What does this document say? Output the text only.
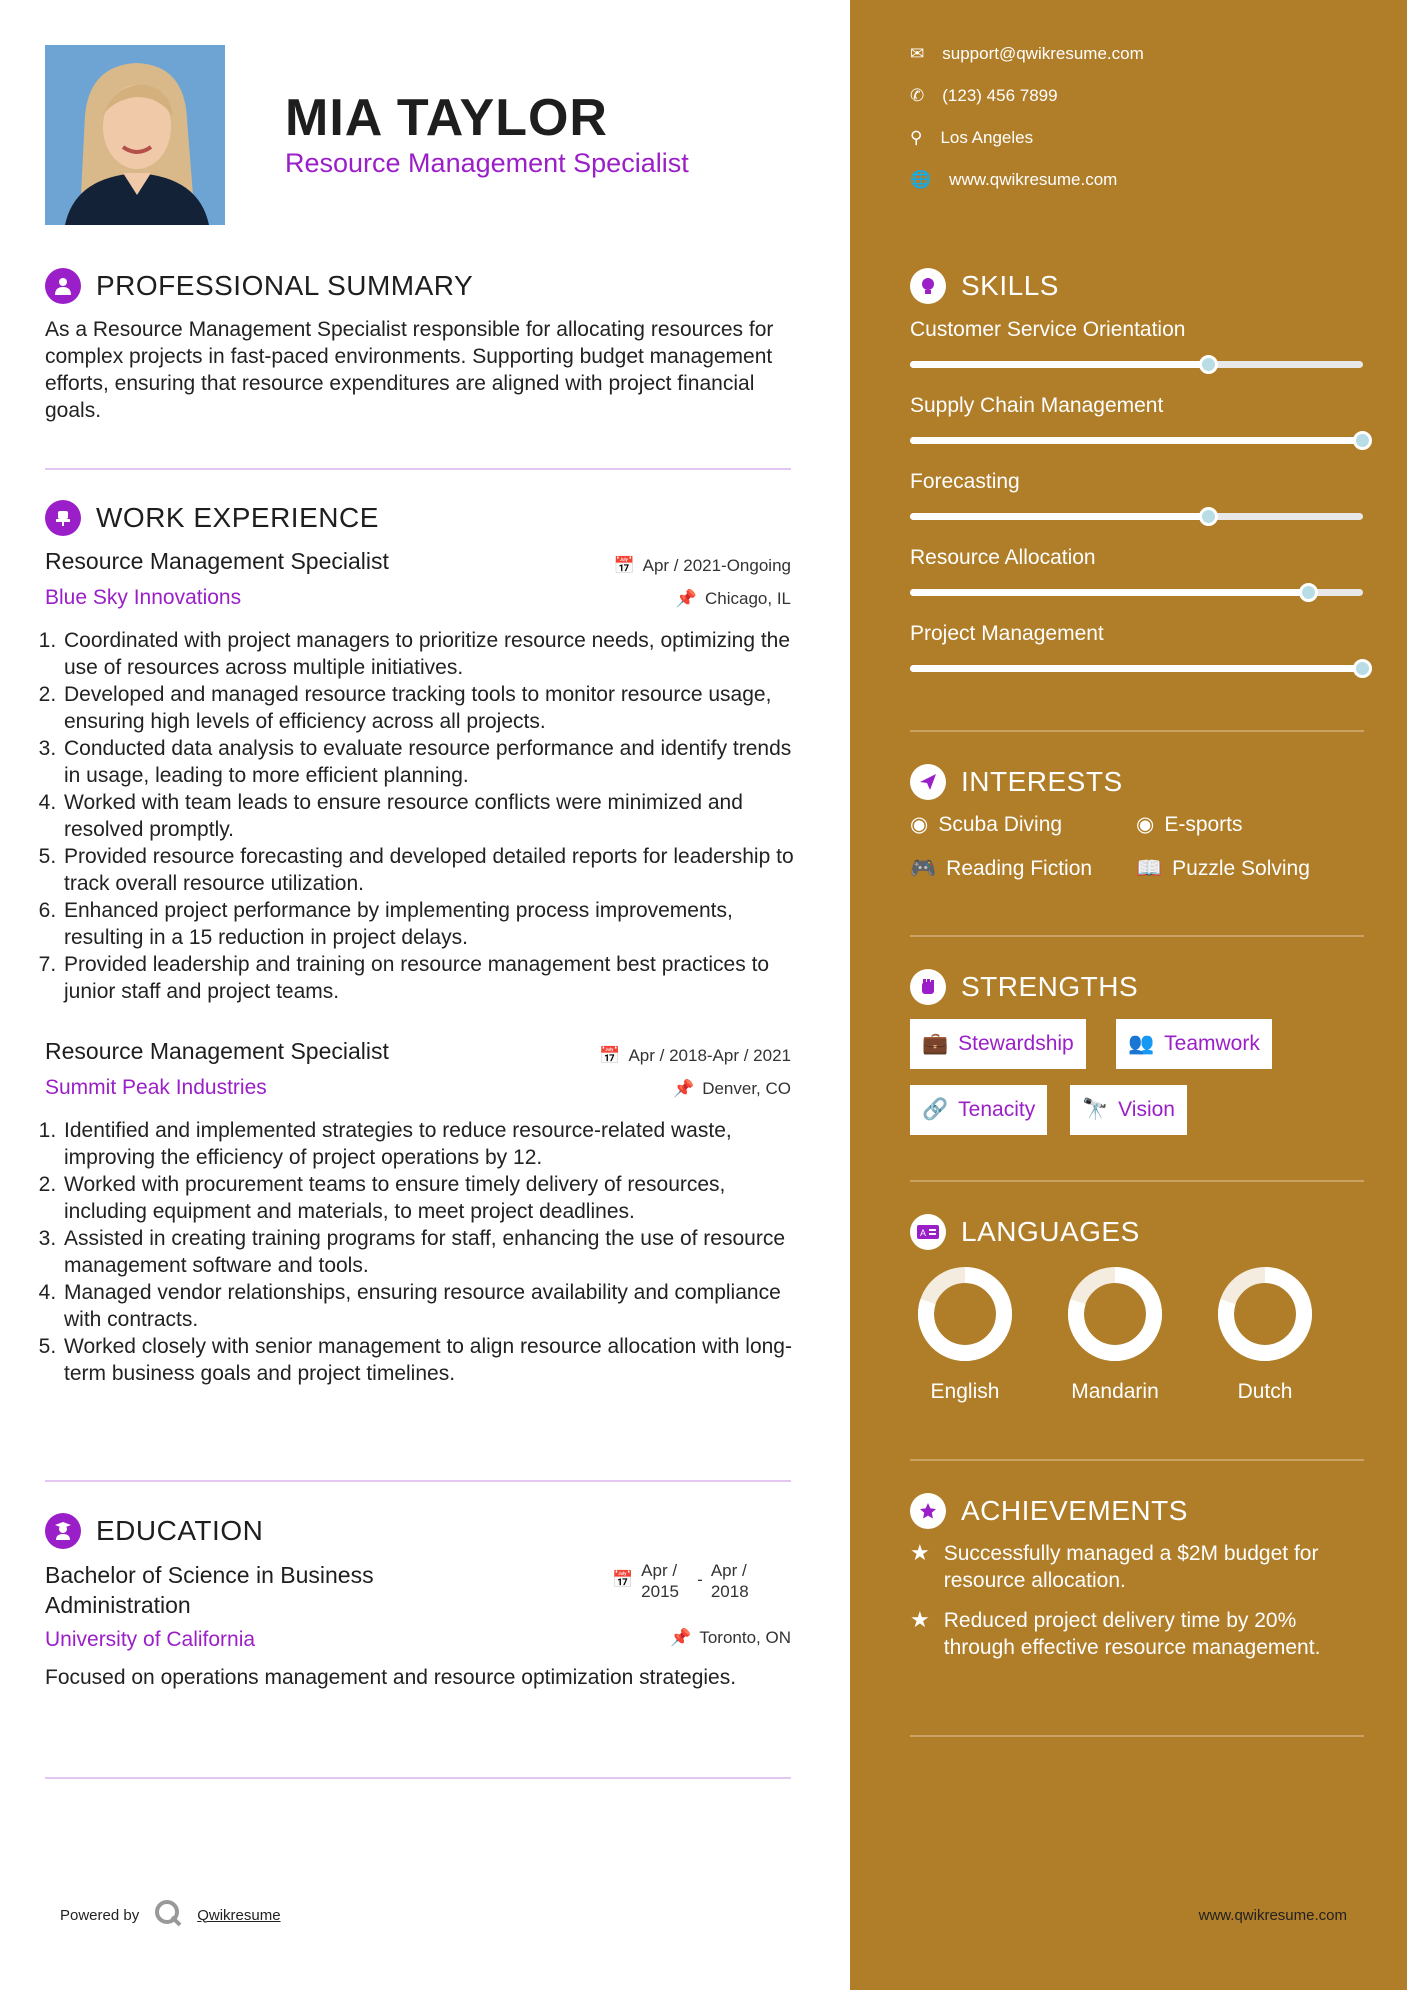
MIA TAYLOR
Resource Management Specialist
PROFESSIONAL SUMMARY
As a Resource Management Specialist responsible for allocating resources for complex projects in fast-paced environments. Supporting budget management efforts, ensuring that resource expenditures are aligned with project financial goals.
WORK EXPERIENCE
Resource Management Specialist	📅 Apr / 2021-Ongoing
Blue Sky Innovations	📌 Chicago, IL
1. Coordinated with project managers to prioritize resource needs, optimizing the use of resources across multiple initiatives.
2. Developed and managed resource tracking tools to monitor resource usage, ensuring high levels of efficiency across all projects.
3. Conducted data analysis to evaluate resource performance and identify trends in usage, leading to more efficient planning.
4. Worked with team leads to ensure resource conflicts were minimized and resolved promptly.
5. Provided resource forecasting and developed detailed reports for leadership to track overall resource utilization.
6. Enhanced project performance by implementing process improvements, resulting in a 15 reduction in project delays.
7. Provided leadership and training on resource management best practices to junior staff and project teams.
Resource Management Specialist	📅 Apr / 2018-Apr / 2021
Summit Peak Industries	📌 Denver, CO
1. Identified and implemented strategies to reduce resource-related waste, improving the efficiency of project operations by 12.
2. Worked with procurement teams to ensure timely delivery of resources, including equipment and materials, to meet project deadlines.
3. Assisted in creating training programs for staff, enhancing the use of resource management software and tools.
4. Managed vendor relationships, ensuring resource availability and compliance with contracts.
5. Worked closely with senior management to align resource allocation with long-term business goals and project timelines.
EDUCATION
Bachelor of Science in Business Administration
📅 Apr / 2015
- Apr / 2018
University of California	📌 Toronto, ON
Focused on operations management and resource optimization strategies.
Powered by	Qwikresume
✉ support@qwikresume.com
✆ (123) 456 7899
⚲ Los Angeles
🌐 www.qwikresume.com
SKILLS
Customer Service Orientation
Supply Chain Management
Forecasting
Resource Allocation
Project Management
INTERESTS
◉ Scuba Diving	◉ E-sports
🎮 Reading Fiction 📖 Puzzle Solving
STRENGTHS
💼 Stewardship	👥 Teamwork
🔗 Tenacity 🔭 Vision
A LANGUAGES
English	Mandarin	Dutch
ACHIEVEMENTS
★ Successfully managed a $2M budget for resource allocation.
★ Reduced project delivery time by 20% through effective resource management.
www.qwikresume.com
